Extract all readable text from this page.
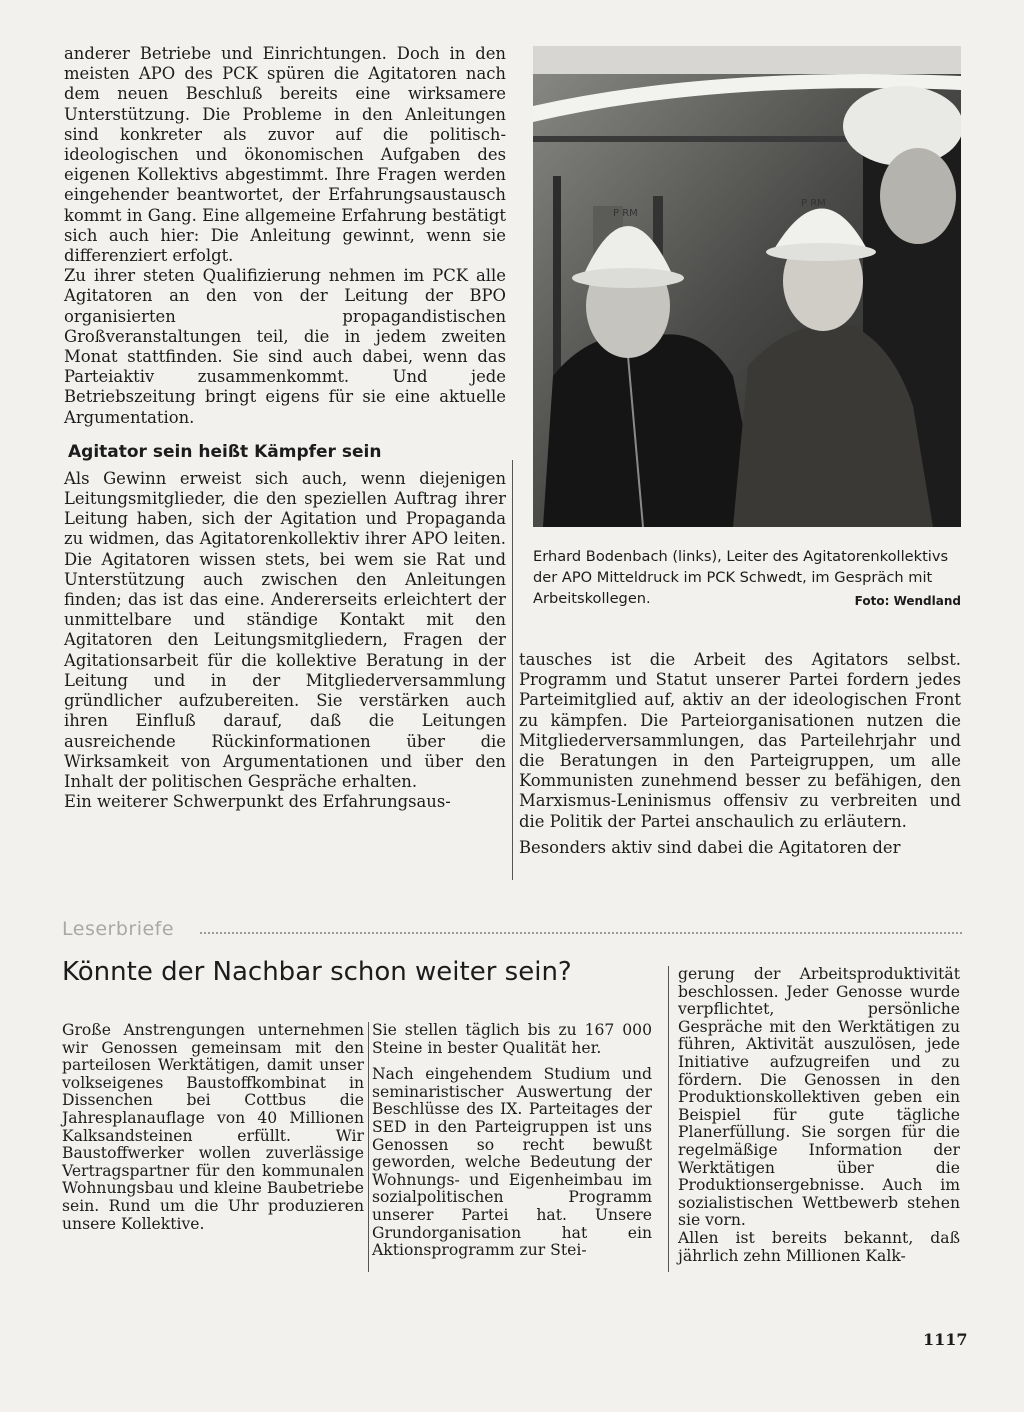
anderer Betriebe und Einrichtungen. Doch in den meisten APO des PCK spüren die Agitatoren nach dem neuen Beschluß bereits eine wirksamere Unterstützung. Die Probleme in den Anleitungen sind konkreter als zuvor auf die politisch-ideologischen und ökonomischen Aufgaben des eigenen Kollektivs abgestimmt. Ihre Fragen werden eingehender beantwortet, der Erfahrungsaustausch kommt in Gang. Eine allgemeine Erfahrung bestätigt sich auch hier: Die Anleitung gewinnt, wenn sie differenziert erfolgt.

Zu ihrer steten Qualifizierung nehmen im PCK alle Agitatoren an den von der Leitung der BPO organisierten propagandistischen Großveranstaltungen teil, die in jedem zweiten Monat stattfinden. Sie sind auch dabei, wenn das Parteiaktiv zusammenkommt. Und jede Betriebszeitung bringt eigens für sie eine aktuelle Argumentation.

Agitator sein heißt Kämpfer sein

Als Gewinn erweist sich auch, wenn diejenigen Leitungsmitglieder, die den speziellen Auftrag ihrer Leitung haben, sich der Agitation und Propaganda zu widmen, das Agitatorenkollektiv ihrer APO leiten. Die Agitatoren wissen stets, bei wem sie Rat und Unterstützung auch zwischen den Anleitungen finden; das ist das eine. Andererseits erleichtert der unmittelbare und ständige Kontakt mit den Agitatoren den Leitungsmitgliedern, Fragen der Agitationsarbeit für die kollektive Beratung in der Leitung und in der Mitgliederversammlung gründlicher aufzubereiten. Sie verstärken auch ihren Einfluß darauf, daß die Leitungen ausreichende Rückinformationen über die Wirksamkeit von Argumentationen und über den Inhalt der politischen Gespräche erhalten.

Ein weiterer Schwerpunkt des Erfahrungsaus-

P RM
P RM
Erhard Bodenbach (links), Leiter des Agitatorenkollektivs der APO Mitteldruck im PCK Schwedt, im Gespräch mit Arbeitskollegen.	Foto: Wendland

tausches ist die Arbeit des Agitators selbst. Programm und Statut unserer Partei fordern jedes Parteimitglied auf, aktiv an der ideologischen Front zu kämpfen. Die Parteiorganisationen nutzen die Mitgliederversammlungen, das Parteilehrjahr und die Beratungen in den Parteigruppen, um alle Kommunisten zunehmend besser zu befähigen, den Marxismus-Leninismus offensiv zu verbreiten und die Politik der Partei anschaulich zu erläutern.

Besonders aktiv sind dabei die Agitatoren der

Leserbriefe
Könnte der Nachbar schon weiter sein?

Große Anstrengungen unternehmen wir Genossen gemeinsam mit den parteilosen Werktätigen, damit unser volkseigenes Baustoffkombinat in Dissenchen bei Cottbus die Jahresplanauflage von 40 Millionen Kalksandsteinen erfüllt. Wir Baustoffwerker wollen zuverlässige Vertragspartner für den kommunalen Wohnungsbau und kleine Baubetriebe sein. Rund um die Uhr produzieren unsere Kollektive.

Sie stellen täglich bis zu 167 000 Steine in bester Qualität her.

Nach eingehendem Studium und seminaristischer Auswertung der Beschlüsse des IX. Parteitages der SED in den Parteigruppen ist uns Genossen so recht bewußt geworden, welche Bedeutung der Wohnungs- und Eigenheimbau im sozialpolitischen Programm unserer Partei hat. Unsere Grundorganisation hat ein Aktionsprogramm zur Stei-

gerung der Arbeitsproduktivität beschlossen. Jeder Genosse wurde verpflichtet, persönliche Gespräche mit den Werktätigen zu führen, Aktivität auszulösen, jede Initiative aufzugreifen und zu fördern. Die Genossen in den Produktionskollektiven geben ein Beispiel für gute tägliche Planerfüllung. Sie sorgen für die regelmäßige Information der Werktätigen über die Produktionsergebnisse. Auch im sozialistischen Wettbewerb stehen sie vorn.

Allen ist bereits bekannt, daß jährlich zehn Millionen Kalk-

1117
